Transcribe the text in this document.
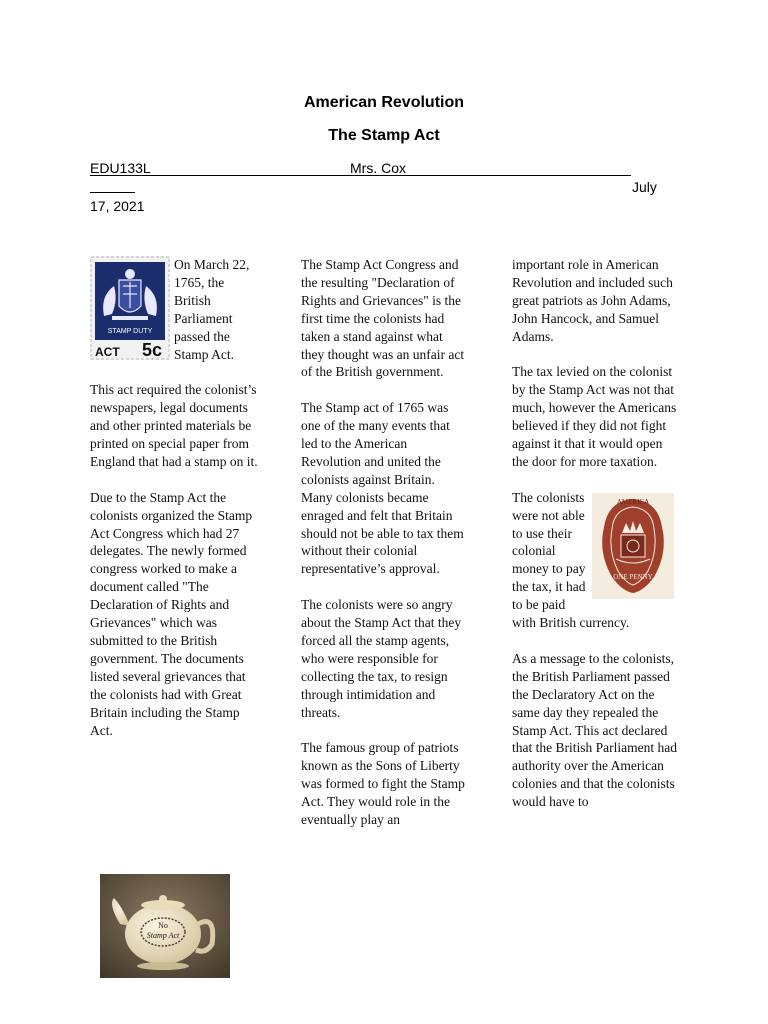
American Revolution
The Stamp Act
EDU133L	Mrs. Cox
July
17, 2021
STAMP DUTY
ACT 5c

On March 22, 1765, the British Parliament passed the Stamp Act.

This act required the colonist’s newspapers, legal documents and other printed materials be printed on special paper from England that had a stamp on it.

Due to the Stamp Act the colonists organized the Stamp Act Congress which had 27 delegates. The newly formed congress worked to make a document called "The Declaration of Rights and Grievances" which was submitted to the British government. The documents listed several grievances that the colonists had with Great Britain including the Stamp Act.

No
Stamp Act

The Stamp Act Congress and the resulting "Declaration of Rights and Grievances" is the first time the colonists had taken a stand against what they thought was an unfair act of the British government.

The Stamp act of 1765 was one of the many events that led to the American Revolution and united the colonists against Britain. Many colonists became enraged and felt that Britain should not be able to tax them without their colonial representative’s approval.

The colonists were so angry about the Stamp Act that they forced all the stamp agents, who were responsible for collecting the tax, to resign through intimidation and threats.

The famous group of patriots known as the Sons of Liberty was formed to fight the Stamp Act. They would role in the eventually play an

important role in American Revolution and included such great patriots as John Adams, John Hancock, and Samuel Adams.

The tax levied on the colonist by the Stamp Act was not that much, however the Americans believed if they did not fight against it that it would open the door for more taxation.

AMERICA
ONE PENNY

The colonists were not able to use their colonial money to pay the tax, it had to be paid with British currency.

As a message to the colonists, the British Parliament passed the Declaratory Act on the same day they repealed the Stamp Act. This act declared that the British Parliament had authority over the American colonies and that the colonists would have to
